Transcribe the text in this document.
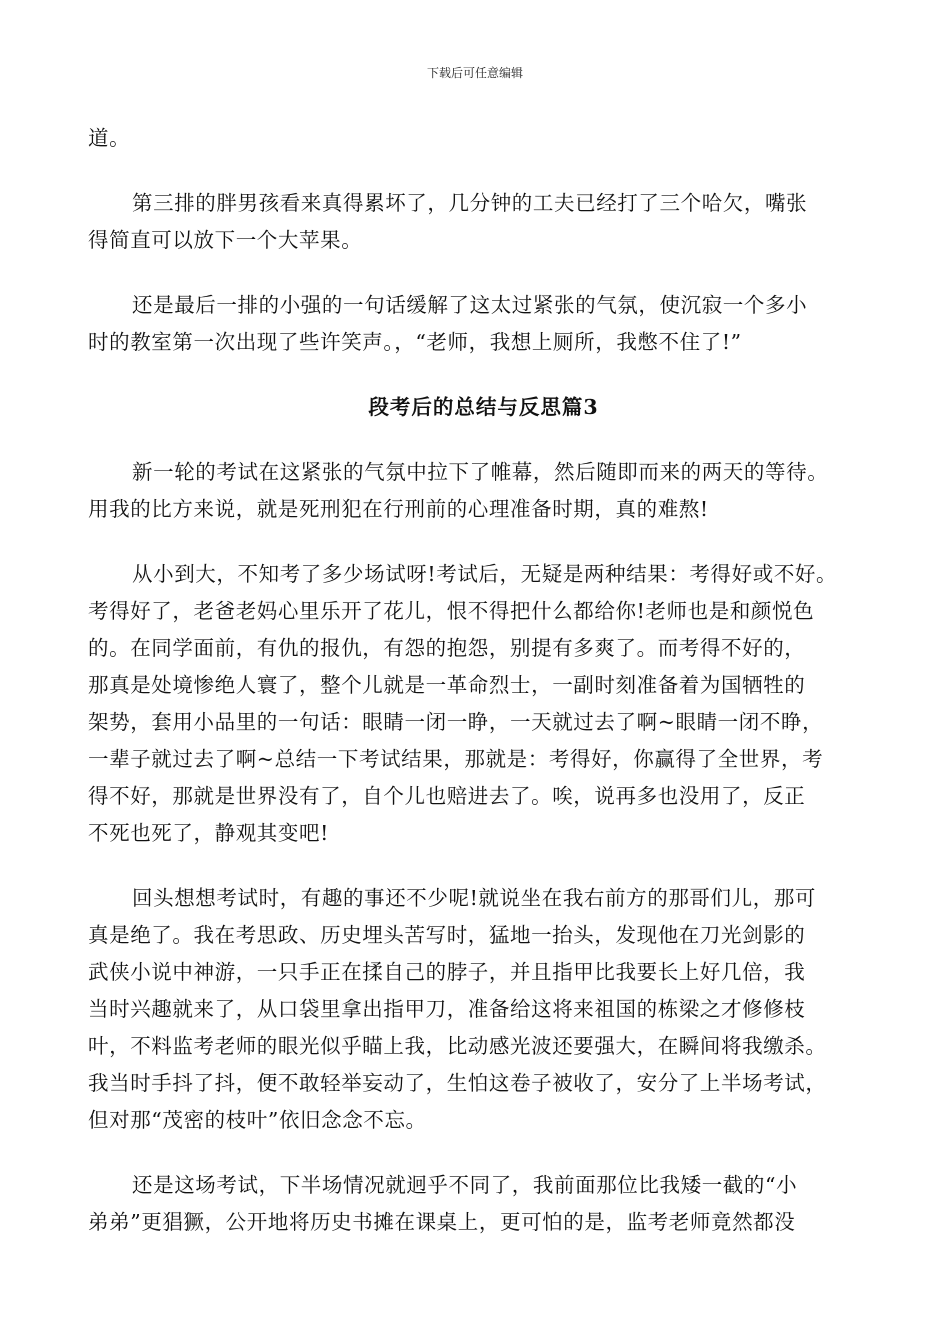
下载后可任意编辑
道。
第三排的胖男孩看来真得累坏了，几分钟的工夫已经打了三个哈欠，嘴张
得简直可以放下一个大苹果。
还是最后一排的小强的一句话缓解了这太过紧张的气氛，使沉寂一个多小
时的教室第一次出现了些许笑声。，“老师，我想上厕所，我憋不住了!”
段考后的总结与反思篇3
新一轮的考试在这紧张的气氛中拉下了帷幕，然后随即而来的两天的等待。
用我的比方来说，就是死刑犯在行刑前的心理准备时期，真的难熬!
从小到大，不知考了多少场试呀!考试后，无疑是两种结果：考得好或不好。
考得好了，老爸老妈心里乐开了花儿，恨不得把什么都给你!老师也是和颜悦色
的。在同学面前，有仇的报仇，有怨的抱怨，别提有多爽了。而考得不好的，
那真是处境惨绝人寰了，整个儿就是一革命烈士，一副时刻准备着为国牺牲的
架势，套用小品里的一句话：眼睛一闭一睁，一天就过去了啊~眼睛一闭不睁，
一辈子就过去了啊~总结一下考试结果，那就是：考得好，你赢得了全世界，考
得不好，那就是世界没有了，自个儿也赔进去了。唉，说再多也没用了，反正
不死也死了，静观其变吧!
回头想想考试时，有趣的事还不少呢!就说坐在我右前方的那哥们儿，那可
真是绝了。我在考思政、历史埋头苦写时，猛地一抬头，发现他在刀光剑影的
武侠小说中神游，一只手正在揉自己的脖子，并且指甲比我要长上好几倍，我
当时兴趣就来了，从口袋里拿出指甲刀，准备给这将来祖国的栋梁之才修修枝
叶，不料监考老师的眼光似乎瞄上我，比动感光波还要强大，在瞬间将我缴杀。
我当时手抖了抖，便不敢轻举妄动了，生怕这卷子被收了，安分了上半场考试，
但对那“茂密的枝叶”依旧念念不忘。
还是这场考试，下半场情况就迥乎不同了，我前面那位比我矮一截的“小
弟弟”更猖獗，公开地将历史书摊在课桌上，更可怕的是，监考老师竟然都没
